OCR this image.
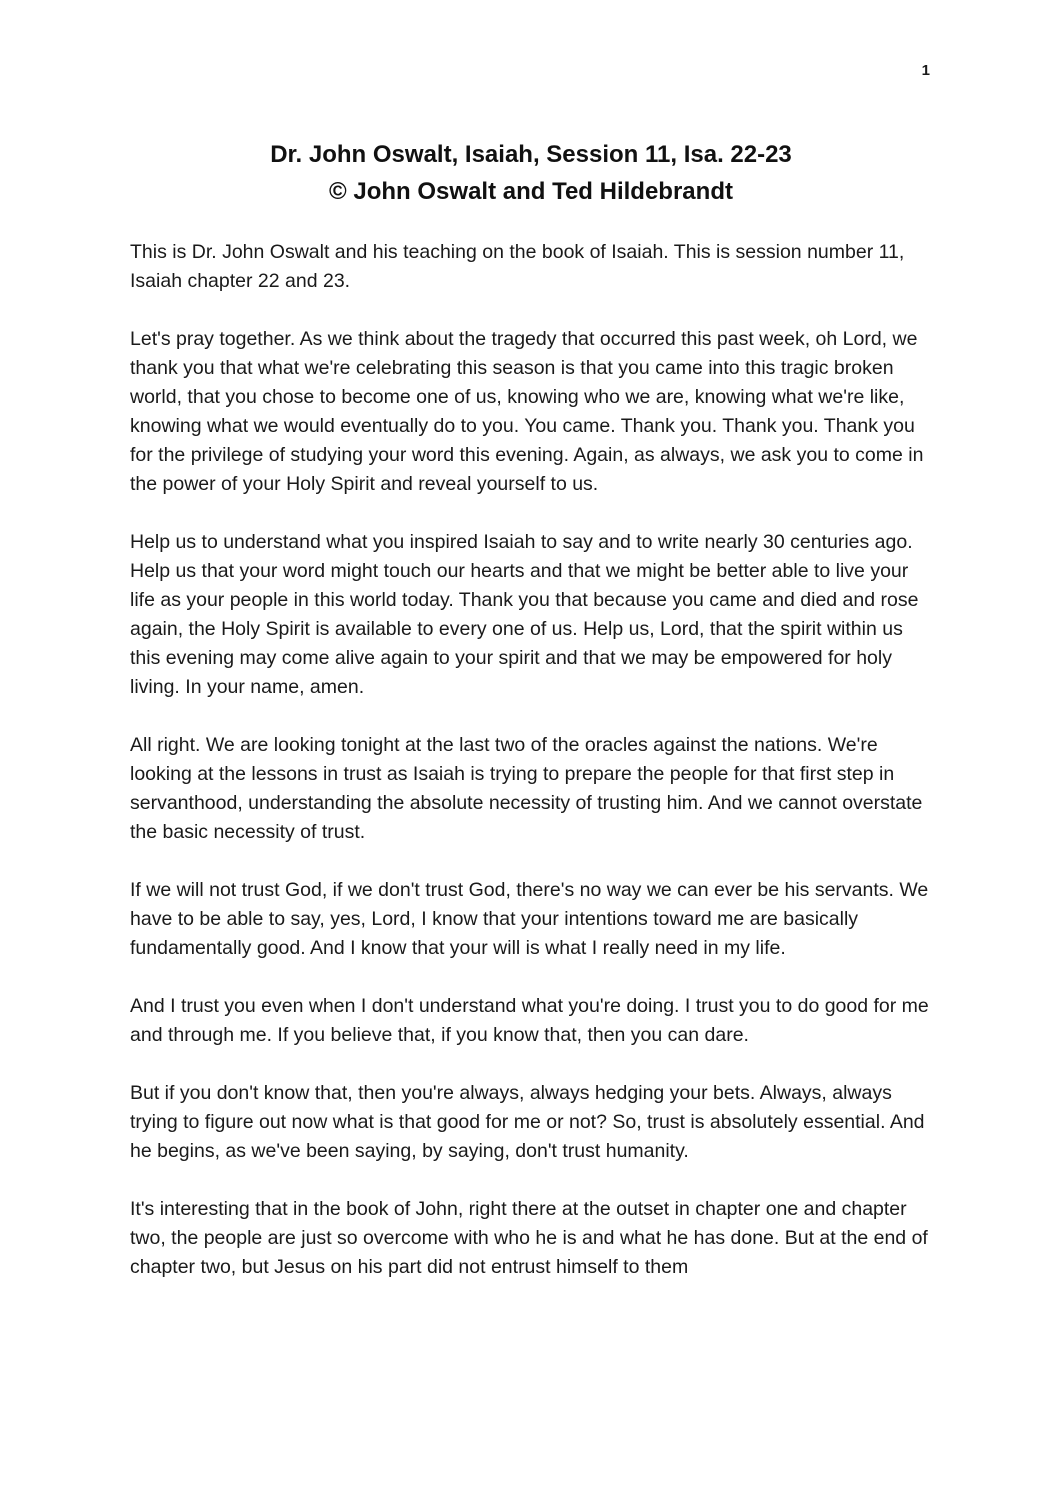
1
Dr. John Oswalt, Isaiah, Session 11, Isa. 22-23
© John Oswalt and Ted Hildebrandt

This is Dr. John Oswalt and his teaching on the book of Isaiah. This is session number 11, Isaiah chapter 22 and 23.

Let's pray together. As we think about the tragedy that occurred this past week, oh Lord, we thank you that what we're celebrating this season is that you came into this tragic broken world, that you chose to become one of us, knowing who we are, knowing what we're like, knowing what we would eventually do to you. You came. Thank you. Thank you. Thank you for the privilege of studying your word this evening. Again, as always, we ask you to come in the power of your Holy Spirit and reveal yourself to us.

Help us to understand what you inspired Isaiah to say and to write nearly 30 centuries ago. Help us that your word might touch our hearts and that we might be better able to live your life as your people in this world today. Thank you that because you came and died and rose again, the Holy Spirit is available to every one of us. Help us, Lord, that the spirit within us this evening may come alive again to your spirit and that we may be empowered for holy living. In your name, amen.

All right. We are looking tonight at the last two of the oracles against the nations. We're looking at the lessons in trust as Isaiah is trying to prepare the people for that first step in servanthood, understanding the absolute necessity of trusting him. And we cannot overstate the basic necessity of trust.

If we will not trust God, if we don't trust God, there's no way we can ever be his servants. We have to be able to say, yes, Lord, I know that your intentions toward me are basically fundamentally good. And I know that your will is what I really need in my life.

And I trust you even when I don't understand what you're doing. I trust you to do good for me and through me. If you believe that, if you know that, then you can dare.

But if you don't know that, then you're always, always hedging your bets. Always, always trying to figure out now what is that good for me or not? So, trust is absolutely essential. And he begins, as we've been saying, by saying, don't trust humanity.

It's interesting that in the book of John, right there at the outset in chapter one and chapter two, the people are just so overcome with who he is and what he has done. But at the end of chapter two, but Jesus on his part did not entrust himself to them
